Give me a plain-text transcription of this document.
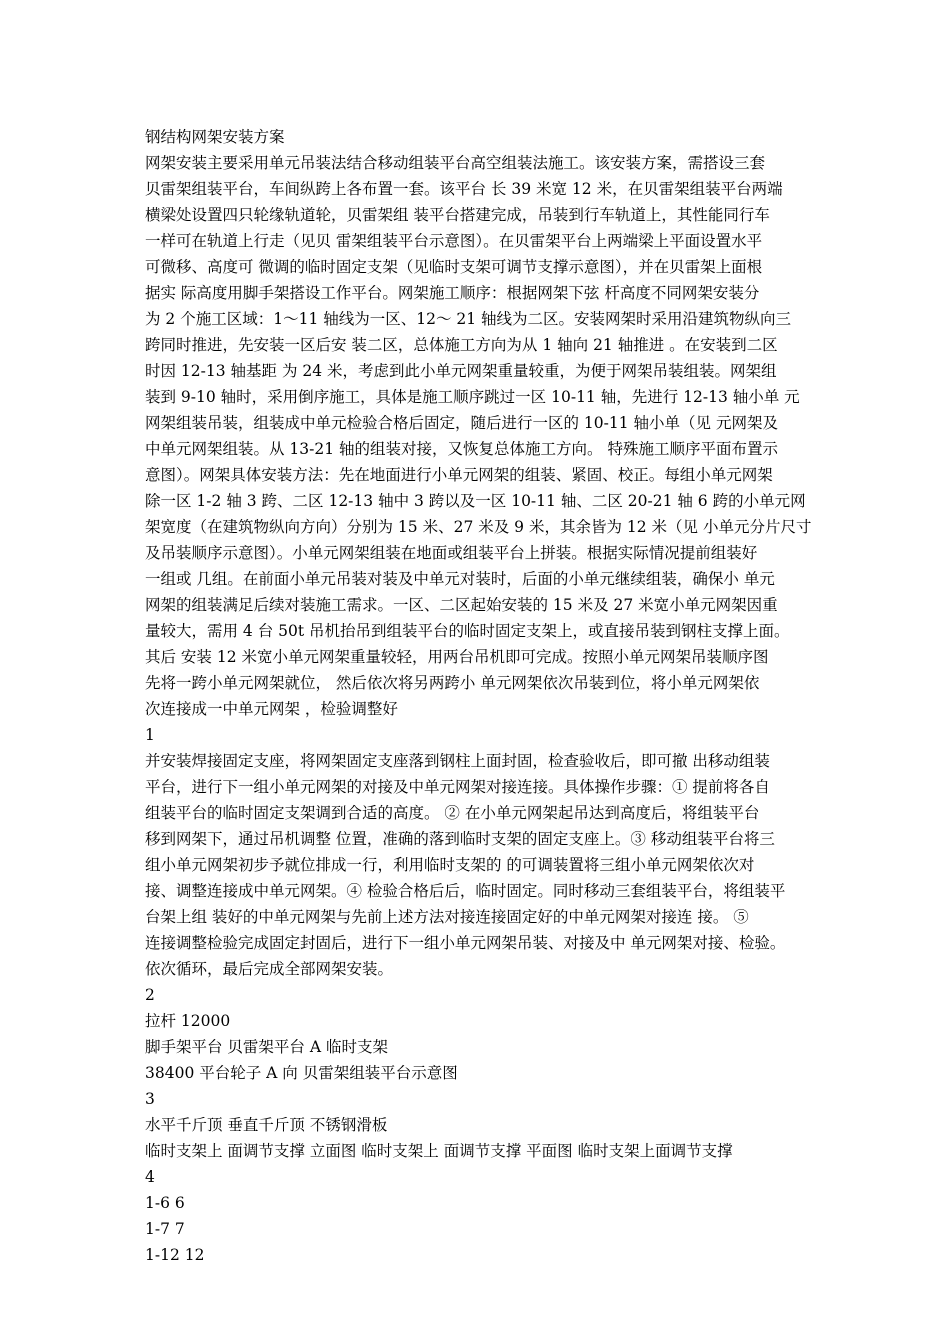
钢结构网架安装方案
网架安装主要采用单元吊装法结合移动组装平台高空组装法施工。该安装方案，需搭设三套
贝雷架组装平台，车间纵跨上各布置一套。该平台 长 39 米宽 12 米，在贝雷架组装平台两端
横梁处设置四只轮缘轨道轮，贝雷架组 装平台搭建完成，吊装到行车轨道上，其性能同行车
一样可在轨道上行走（见贝 雷架组装平台示意图）。在贝雷架平台上两端梁上平面设置水平
可微移、高度可 微调的临时固定支架（见临时支架可调节支撑示意图），并在贝雷架上面根
据实 际高度用脚手架搭设工作平台。网架施工顺序：根据网架下弦 杆高度不同网架安装分
为 2 个施工区域：1～11 轴线为一区、12～ 21 轴线为二区。安装网架时采用沿建筑物纵向三
跨同时推进，先安装一区后安 装二区，总体施工方向为从 1 轴向 21 轴推进 。在安装到二区
时因 12-13 轴基距 为 24 米，考虑到此小单元网架重量较重，为便于网架吊装组装。网架组
装到 9-10 轴时，采用倒序施工，具体是施工顺序跳过一区 10-11 轴，先进行 12-13 轴小单 元
网架组装吊装，组装成中单元检验合格后固定，随后进行一区的 10-11 轴小单（见 元网架及
中单元网架组装。从 13-21 轴的组装对接，又恢复总体施工方向。 特殊施工顺序平面布置示
意图）。网架具体安装方法：先在地面进行小单元网架的组装、紧固、校正。每组小单元网架
除一区 1-2 轴 3 跨、二区 12-13 轴中 3 跨以及一区 10-11 轴、二区 20-21 轴 6 跨的小单元网
架宽度（在建筑物纵向方向）分别为 15 米、27 米及 9 米，其余皆为 12 米（见 小单元分片尺寸
及吊装顺序示意图）。小单元网架组装在地面或组装平台上拼装。根据实际情况提前组装好
一组或 几组。在前面小单元吊装对装及中单元对装时，后面的小单元继续组装，确保小 单元
网架的组装满足后续对装施工需求。一区、二区起始安装的 15 米及 27 米宽小单元网架因重
量较大，需用 4 台 50t 吊机抬吊到组装平台的临时固定支架上，或直接吊装到钢柱支撑上面。
其后 安装 12 米宽小单元网架重量较轻，用两台吊机即可完成。按照小单元网架吊装顺序图
先将一跨小单元网架就位， 然后依次将另两跨小 单元网架依次吊装到位，将小单元网架依
次连接成一中单元网架 ，检验调整好
1
并安装焊接固定支座，将网架固定支座落到钢柱上面封固，检查验收后，即可撤 出移动组装
平台，进行下一组小单元网架的对接及中单元网架对接连接。具体操作步骤：① 提前将各自
组装平台的临时固定支架调到合适的高度。 ② 在小单元网架起吊达到高度后，将组装平台
移到网架下，通过吊机调整 位置，准确的落到临时支架的固定支座上。③ 移动组装平台将三
组小单元网架初步予就位排成一行，利用临时支架的 的可调装置将三组小单元网架依次对
接、调整连接成中单元网架。④ 检验合格后后，临时固定。同时移动三套组装平台，将组装平
台架上组 装好的中单元网架与先前上述方法对接连接固定好的中单元网架对接连 接。 ⑤
连接调整检验完成固定封固后，进行下一组小单元网架吊装、对接及中 单元网架对接、检验。
依次循环，最后完成全部网架安装。
2
拉杆 12000
脚手架平台 贝雷架平台 A 临时支架
38400 平台轮子 A 向 贝雷架组装平台示意图
3
水平千斤顶 垂直千斤顶 不锈钢滑板
临时支架上 面调节支撑 立面图 临时支架上 面调节支撑 平面图 临时支架上面调节支撑
4
1-6 6
1-7 7
1-12 12
